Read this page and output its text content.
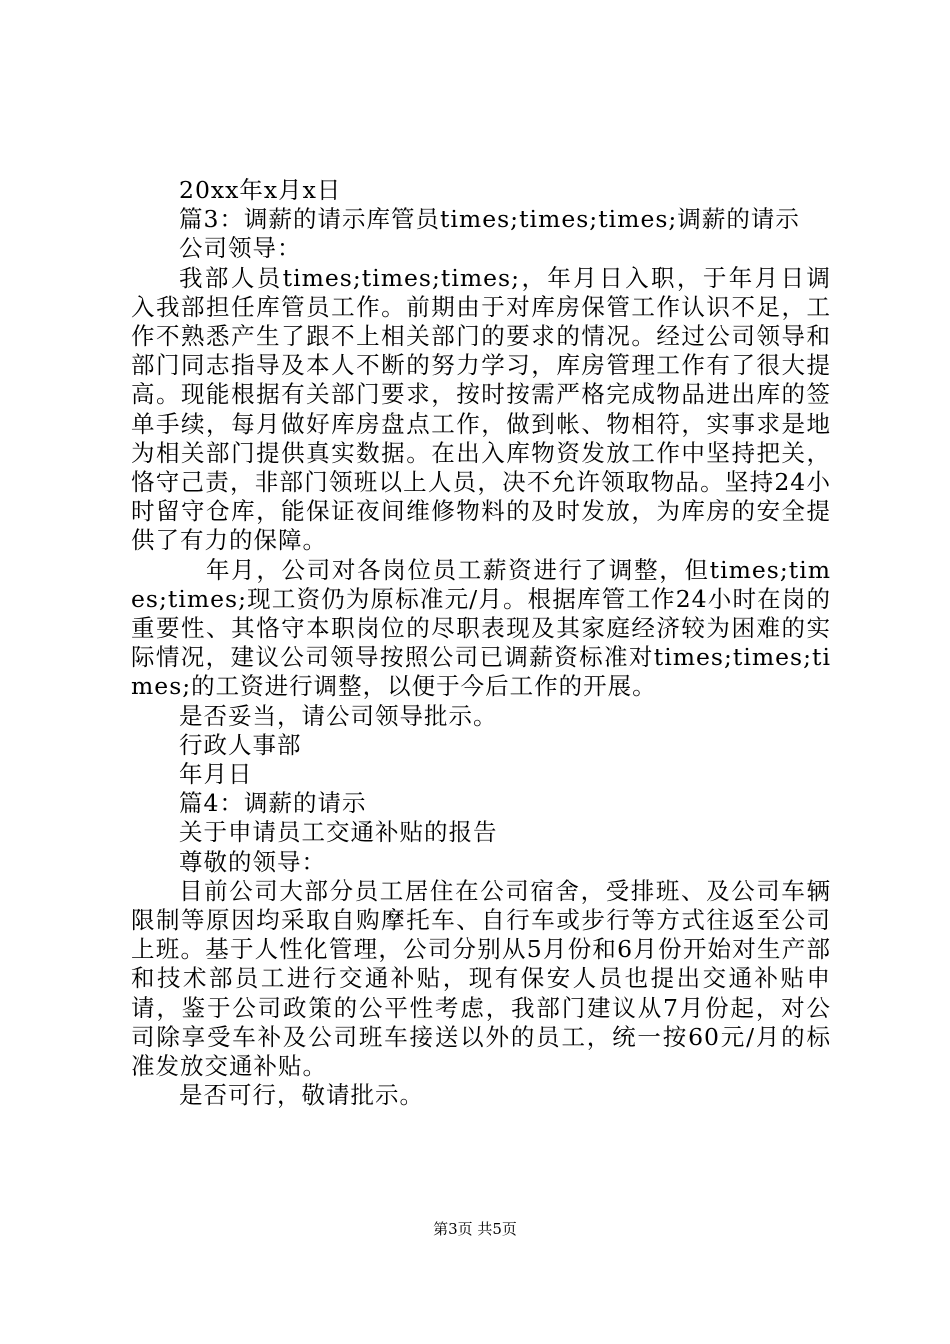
20xx年x月x日

篇3：调薪的请示库管员times;times;times;调薪的请示

公司领导：

我部人员times;times;times;，年月日入职，于年月日调入我部担任库管员工作。前期由于对库房保管工作认识不足，工作不熟悉产生了跟不上相关部门的要求的情况。经过公司领导和部门同志指导及本人不断的努力学习，库房管理工作有了很大提高。现能根据有关部门要求，按时按需严格完成物品进出库的签单手续，每月做好库房盘点工作，做到帐、物相符，实事求是地为相关部门提供真实数据。在出入库物资发放工作中坚持把关，恪守己责，非部门领班以上人员，决不允许领取物品。坚持24小时留守仓库，能保证夜间维修物料的及时发放，为库房的安全提供了有力的保障。

年月，公司对各岗位员工薪资进行了调整，但times;times;times;现工资仍为原标准元/月。根据库管工作24小时在岗的重要性、其恪守本职岗位的尽职表现及其家庭经济较为困难的实际情况，建议公司领导按照公司已调薪资标准对times;times;times;的工资进行调整，以便于今后工作的开展。

是否妥当，请公司领导批示。

行政人事部

年月日

篇4：调薪的请示

关于申请员工交通补贴的报告

尊敬的领导：

目前公司大部分员工居住在公司宿舍，受排班、及公司车辆限制等原因均采取自购摩托车、自行车或步行等方式往返至公司上班。基于人性化管理，公司分别从5月份和6月份开始对生产部和技术部员工进行交通补贴，现有保安人员也提出交通补贴申请，鉴于公司政策的公平性考虑，我部门建议从7月份起，对公司除享受车补及公司班车接送以外的员工，统一按60元/月的标准发放交通补贴。

是否可行，敬请批示。

第3页 共5页
